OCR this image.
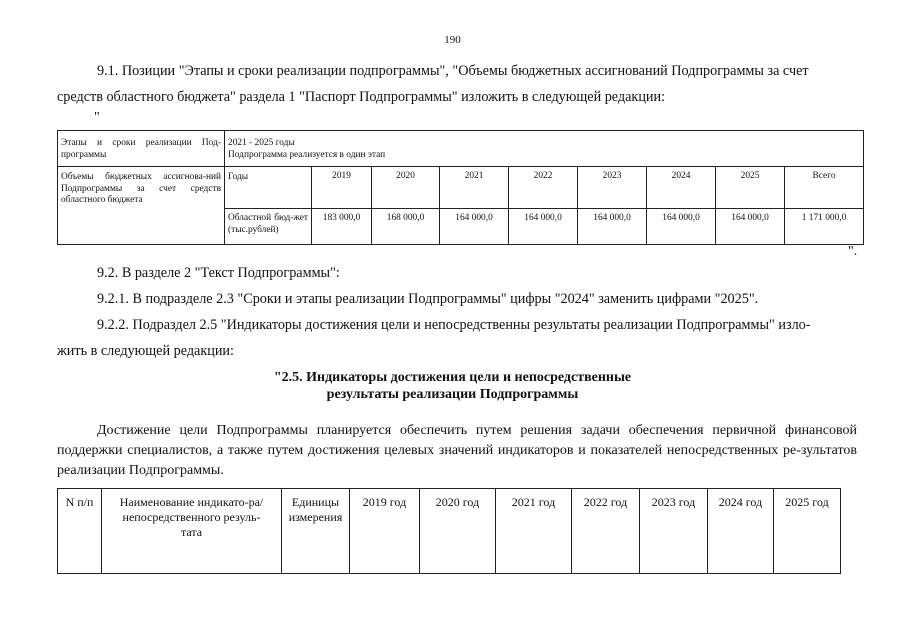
190
9.1. Позиции "Этапы и сроки реализации подпрограммы", "Объемы бюджетных ассигнований Подпрограммы за счет
средств областного бюджета" раздела 1 "Паспорт Подпрограммы" изложить в следующей редакции:
"
Этапы и сроки реализации Под-программы	2021 - 2025 годы
Подпрограмма реализуется в один этап								

Объемы бюджетных ассигнова-ний Подпрограммы за счет средств областного бюджета	Годы	2019	2020	2021	2022	2023	2024	2025	Всего
	Областной бюд-жет (тыс.рублей)	183 000,0	168 000,0	164 000,0	164 000,0	164 000,0	164 000,0	164 000,0	1 171 000,0
".
9.2. В разделе 2 "Текст Подпрограммы":
9.2.1. В подразделе 2.3 "Сроки и этапы реализации Подпрограммы" цифры "2024" заменить цифрами "2025".
9.2.2. Подраздел 2.5 "Индикаторы достижения цели и непосредственны результаты реализации Подпрограммы" изло-
жить в следующей редакции:
"2.5. Индикаторы достижения цели и непосредственные
результаты реализации Подпрограммы
Достижение цели Подпрограммы планируется обеспечить путем решения задачи обеспечения первичной финансовой поддержки специалистов, а также путем достижения целевых значений индикаторов и показателей непосредственных ре-зультатов реализации Подпрограммы.
N п/п	Наименование индикато-ра/непосредственного резуль-тата	Единицы измерения	2019 год	2020 год	2021 год	2022 год	2023 год	2024 год	2025 год
